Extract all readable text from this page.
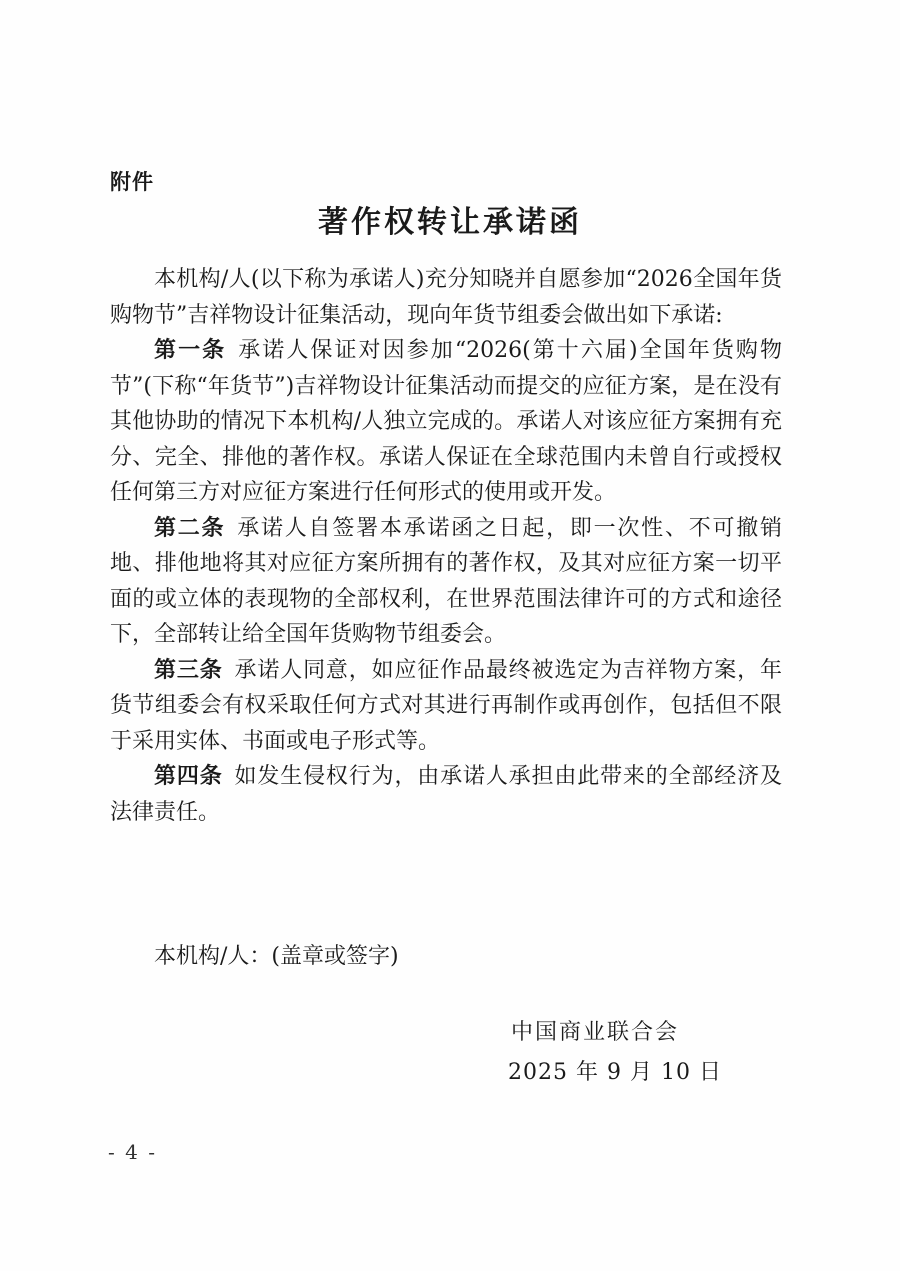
附件
著作权转让承诺函

本机构/人(以下称为承诺人)充分知晓并自愿参加“2026全国年货购物节”吉祥物设计征集活动，现向年货节组委会做出如下承诺:

第一条 承诺人保证对因参加“2026(第十六届)全国年货购物节”(下称“年货节”)吉祥物设计征集活动而提交的应征方案，是在没有其他协助的情况下本机构/人独立完成的。承诺人对该应征方案拥有充分、完全、排他的著作权。承诺人保证在全球范围内未曾自行或授权任何第三方对应征方案进行任何形式的使用或开发。

第二条 承诺人自签署本承诺函之日起，即一次性、不可撤销地、排他地将其对应征方案所拥有的著作权，及其对应征方案一切平面的或立体的表现物的全部权利，在世界范围法律许可的方式和途径下，全部转让给全国年货购物节组委会。

第三条 承诺人同意，如应征作品最终被选定为吉祥物方案，年货节组委会有权采取任何方式对其进行再制作或再创作，包括但不限于采用实体、书面或电子形式等。

第四条 如发生侵权行为，由承诺人承担由此带来的全部经济及法律责任。

本机构/人：(盖章或签字)
中国商业联合会
2025 年 9 月 10 日
- 4 -
